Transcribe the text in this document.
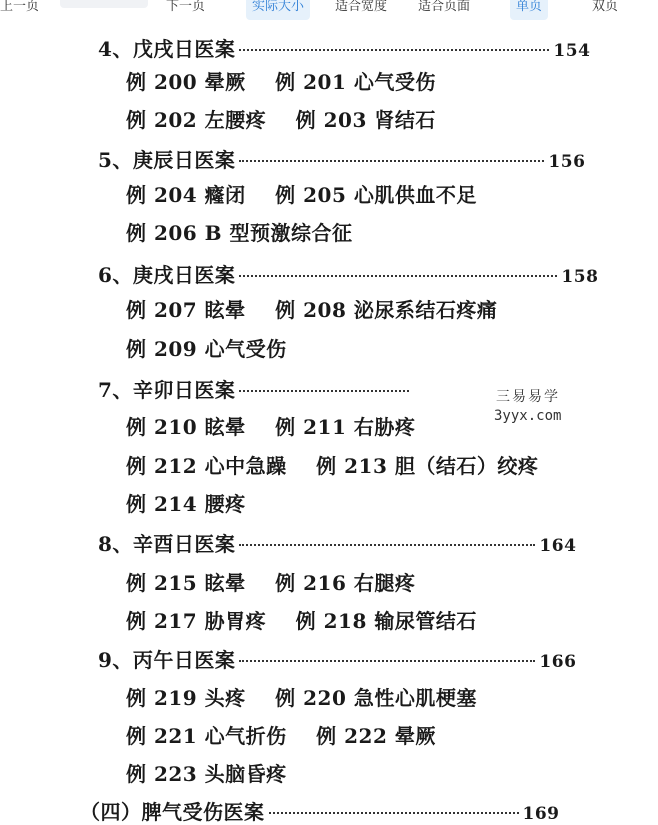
上一页	下一页	实际大小	适合宽度 适合页面	单页	双页
4、戊戌日医案	154
例 200 晕厥 例 201 心气受伤
例 202 左腰疼 例 203 肾结石
5、庚辰日医案	156
例 204 癃闭 例 205 心肌供血不足
例 206 B 型预激综合征
6、庚戌日医案	158
例 207 眩晕 例 208 泌尿系结石疼痛
例 209 心气受伤
7、辛卯日医案
例 210 眩晕 例 211 右胁疼
例 212 心中急躁 例 213 胆（结石）绞疼
例 214 腰疼
8、辛酉日医案	164
例 215 眩晕 例 216 右腿疼
例 217 胁胃疼 例 218 输尿管结石
9、丙午日医案	166
例 219 头疼 例 220 急性心肌梗塞
例 221 心气折伤 例 222 晕厥
例 223 头脑昏疼
（四）脾气受伤医案	169
三易易学
3yyx.com
